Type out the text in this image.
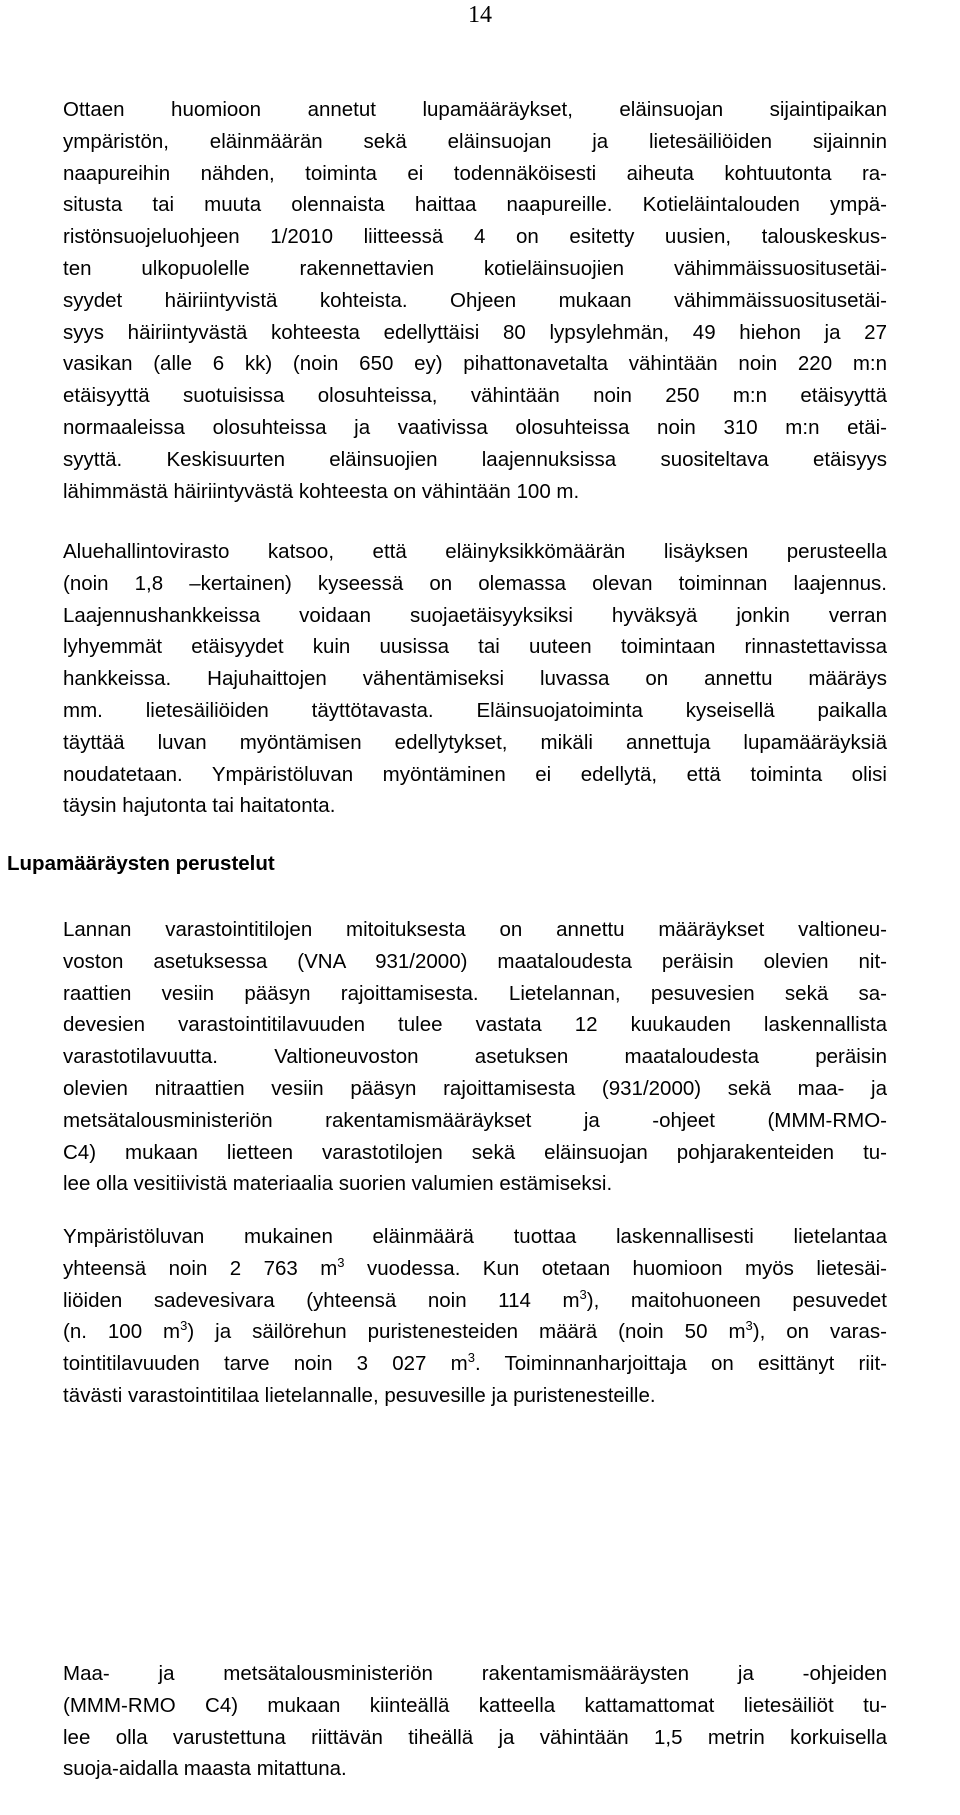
14
Ottaen huomioon annetut lupamääräykset, eläinsuojan sijaintipaikan
ympäristön, eläinmäärän sekä eläinsuojan ja lietesäiliöiden sijainnin
naapureihin nähden, toiminta ei todennäköisesti aiheuta kohtuutonta ra-
situsta tai muuta olennaista haittaa naapureille. Kotieläintalouden ympä-
ristönsuojeluohjeen 1/2010 liitteessä 4 on esitetty uusien, talouskeskus-
ten ulkopuolelle rakennettavien kotieläinsuojien vähimmäissuositusetäi-
syydet häiriintyvistä kohteista. Ohjeen mukaan vähimmäissuositusetäi-
syys häiriintyvästä kohteesta edellyttäisi 80 lypsylehmän, 49 hiehon ja 27
vasikan (alle 6 kk) (noin 650 ey) pihattonavetalta vähintään noin 220 m:n
etäisyyttä suotuisissa olosuhteissa, vähintään noin 250 m:n etäisyyttä
normaaleissa olosuhteissa ja vaativissa olosuhteissa noin 310 m:n etäi-
syyttä. Keskisuurten eläinsuojien laajennuksissa suositeltava etäisyys
lähimmästä häiriintyvästä kohteesta on vähintään 100 m.
Aluehallintovirasto katsoo, että eläinyksikkömäärän lisäyksen perusteella
(noin 1,8 –kertainen) kyseessä on olemassa olevan toiminnan laajennus.
Laajennushankkeissa voidaan suojaetäisyyksiksi hyväksyä jonkin verran
lyhyemmät etäisyydet kuin uusissa tai uuteen toimintaan rinnastettavissa
hankkeissa. Hajuhaittojen vähentämiseksi luvassa on annettu määräys
mm. lietesäiliöiden täyttötavasta. Eläinsuojatoiminta kyseisellä paikalla
täyttää luvan myöntämisen edellytykset, mikäli annettuja lupamääräyksiä
noudatetaan. Ympäristöluvan myöntäminen ei edellytä, että toiminta olisi
täysin hajutonta tai haitatonta.
Lupamääräysten perustelut
Lannan varastointitilojen mitoituksesta on annettu määräykset valtioneu-
voston asetuksessa (VNA 931/2000) maataloudesta peräisin olevien nit-
raattien vesiin pääsyn rajoittamisesta. Lietelannan, pesuvesien sekä sa-
devesien varastointitilavuuden tulee vastata 12 kuukauden laskennallista
varastotilavuutta. Valtioneuvoston asetuksen maataloudesta peräisin
olevien nitraattien vesiin pääsyn rajoittamisesta (931/2000) sekä maa- ja
metsätalousministeriön rakentamismääräykset ja -ohjeet (MMM-RMO-
C4) mukaan lietteen varastotilojen sekä eläinsuojan pohjarakenteiden tu-
lee olla vesitiivistä materiaalia suorien valumien estämiseksi.
Ympäristöluvan mukainen eläinmäärä tuottaa laskennallisesti lietelantaa
yhteensä noin 2 763 $m^3$ vuodessa. Kun otetaan huomioon myös lietesäi-
liöiden sadevesivara (yhteensä noin 114 $m^3$), maitohuoneen pesuvedet
(n. 100 $m^3$) ja säilörehun puristenesteiden määrä (noin 50 $m^3$), on varas-
tointitilavuuden tarve noin 3 027 $m^3$. Toiminnanharjoittaja on esittänyt riit-
tävästi varastointitilaa lietelannalle, pesuvesille ja puristenesteille.
Maa- ja metsätalousministeriön rakentamismääräysten ja -ohjeiden
(MMM-RMO C4) mukaan kiinteällä katteella kattamattomat lietesäiliöt tu-
lee olla varustettuna riittävän tiheällä ja vähintään 1,5 metrin korkuisella
suoja-aidalla maasta mitattuna.
